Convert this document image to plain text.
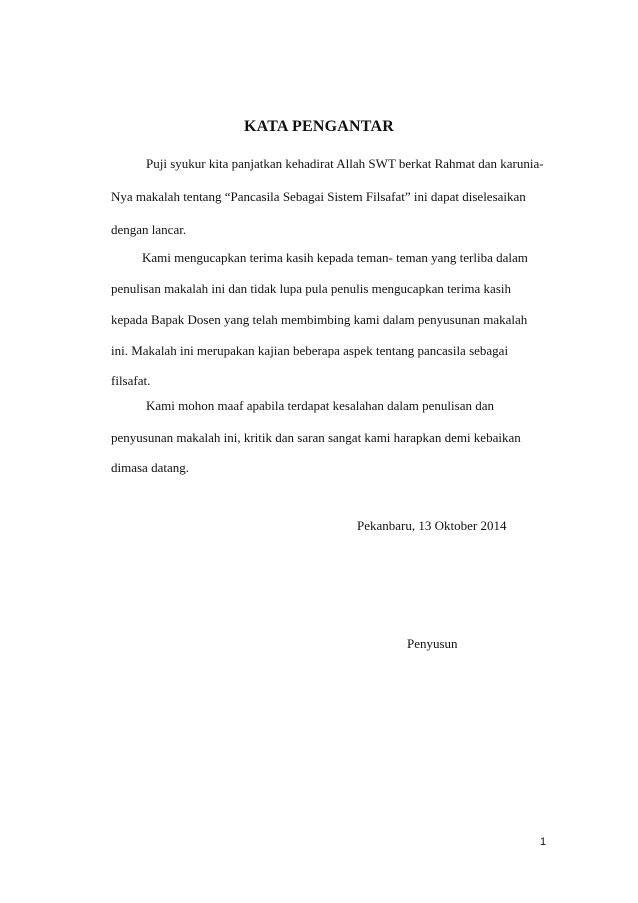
KATA PENGANTAR
Puji syukur kita panjatkan kehadirat Allah SWT berkat Rahmat dan karunia-
Nya makalah tentang “Pancasila Sebagai Sistem Filsafat” ini dapat diselesaikan
dengan lancar.
Kami mengucapkan terima kasih kepada teman- teman yang terliba dalam
penulisan makalah ini dan tidak lupa pula penulis mengucapkan terima kasih
kepada Bapak Dosen yang telah membimbing kami dalam penyusunan makalah
ini. Makalah ini merupakan kajian beberapa aspek tentang pancasila sebagai
filsafat.
Kami mohon maaf apabila terdapat kesalahan dalam penulisan dan
penyusunan makalah ini, kritik dan saran sangat kami harapkan demi kebaikan
dimasa datang.
Pekanbaru, 13 Oktober 2014
Penyusun
1
